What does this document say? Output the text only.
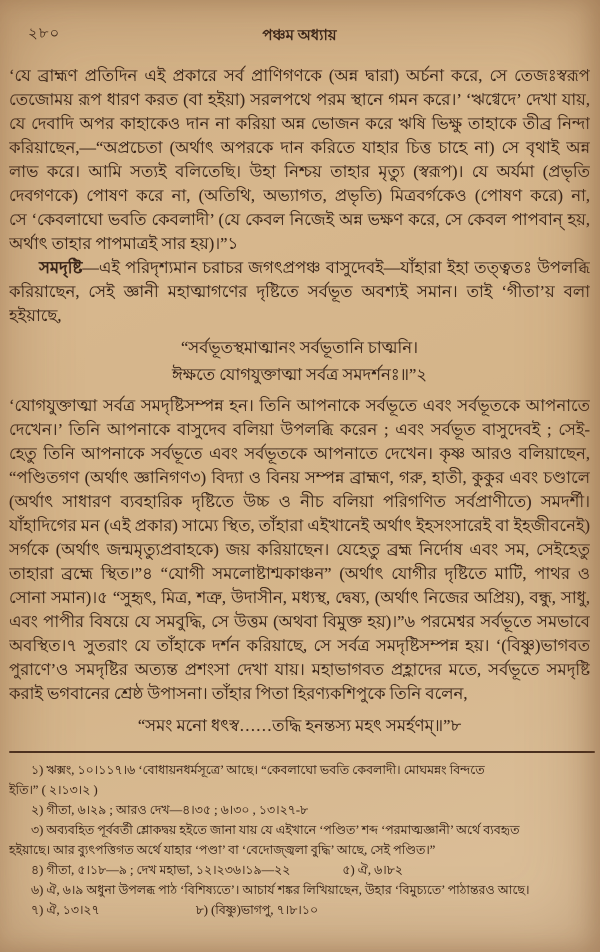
২৮০	পঞ্চম অধ্যায়
‘যে ব্রাহ্মণ প্রতিদিন এই প্রকারে সর্ব প্রাণিগণকে (অন্ন দ্বারা) অর্চনা করে, সে তেজঃস্বরূপ
তেজোময় রূপ ধারণ করত (বা হইয়া) সরলপথে পরম স্থানে গমন করে।’ ‘ঋগ্বেদে’ দেখা যায়,
যে দেবাদি অপর কাহাকেও দান না করিয়া অন্ন ভোজন করে ঋষি ভিক্ষু তাহাকে তীব্র নিন্দা
করিয়াছেন,—“অপ্রচেতা (অর্থাৎ অপরকে দান করিতে যাহার চিত্ত চাহে না) সে বৃথাই অন্ন
লাভ করে। আমি সত্যই বলিতেছি। উহা নিশ্চয় তাহার মৃত্যু (স্বরূপ)। যে অর্যমা (প্রভৃতি
দেবগণকে) পোষণ করে না, (অতিথি, অভ্যাগত, প্রভৃতি) মিত্রবর্গকেও (পোষণ করে) না,
সে ‘কেবলাঘো ভবতি কেবলাদী’ (যে কেবল নিজেই অন্ন ভক্ষণ করে, সে কেবল পাপবান্ হয়,
অর্থাৎ তাহার পাপমাত্রই সার হয়)।”১
সমদৃষ্টি—এই পরিদৃশ্যমান চরাচর জগৎপ্রপঞ্চ বাসুদেবই—যাঁহারা ইহা তত্ত্বতঃ উপলব্ধি
করিয়াছেন, সেই জ্ঞানী মহাত্মাগণের দৃষ্টিতে সর্বভূত অবশ্যই সমান। তাই ‘গীতা’য় বলা
হইয়াছে,
“সর্বভূতস্থমাত্মানং সর্বভূতানি চাত্মনি।
ঈক্ষতে যোগযুক্তাত্মা সর্বত্র সমদর্শনঃ॥”২
‘যোগযুক্তাত্মা সর্বত্র সমদৃষ্টিসম্পন্ন হন। তিনি আপনাকে সর্বভূতে এবং সর্বভূতকে আপনাতে
দেখেন।’ তিনি আপনাকে বাসুদেব বলিয়া উপলব্ধি করেন ; এবং সর্বভূত বাসুদেবই ; সেই-
হেতু তিনি আপনাকে সর্বভূতে এবং সর্বভূতকে আপনাতে দেখেন। কৃষ্ণ আরও বলিয়াছেন,
“পণ্ডিতগণ (অর্থাৎ জ্ঞানিগণ৩) বিদ্যা ও বিনয় সম্পন্ন ব্রাহ্মণ, গরু, হাতী, কুকুর এবং চণ্ডালে
(অর্থাৎ সাধারণ ব্যবহারিক দৃষ্টিতে উচ্চ ও নীচ বলিয়া পরিগণিত সর্বপ্রাণীতে) সমদর্শী।
যাঁহাদিগের মন (এই প্রকার) সাম্যে স্থিত, তাঁহারা এইখানেই অর্থাৎ ইহসংসারেই বা ইহজীবনেই)
সর্গকে (অর্থাৎ জন্মমৃত্যুপ্রবাহকে) জয় করিয়াছেন। যেহেতু ব্রহ্ম নির্দোষ এবং সম, সেইহেতু
তাহারা ব্রহ্মে স্থিত।”৪ “যোগী সমলোষ্টাশ্মকাঞ্চন” (অর্থাৎ যোগীর দৃষ্টিতে মাটি, পাথর ও
সোনা সমান)।৫ “সুহৃৎ, মিত্র, শত্রু, উদাসীন, মধ্যস্থ, দ্বেষ্য, (অর্থাৎ নিজের অপ্রিয়), বন্ধু, সাধু,
এবং পাপীর বিষয়ে যে সমবুদ্ধি, সে উত্তম (অথবা বিমুক্ত হয়)।”৬ পরমেশ্বর সর্বভূতে সমভাবে
অবস্থিত।৭ সুতরাং যে তাঁহাকে দর্শন করিয়াছে, সে সর্বত্র সমদৃষ্টিসম্পন্ন হয়। ‘(বিষ্ণু)ভাগবত
পুরাণে’ও সমদৃষ্টির অত্যন্ত প্রশংসা দেখা যায়। মহাভাগবত প্রহ্লাদের মতে, সর্বভূতে সমদৃষ্টি
করাই ভগবানের শ্রেষ্ঠ উপাসনা। তাঁহার পিতা হিরণ্যকশিপুকে তিনি বলেন,
“সমং মনো ধৎস্ব……তদ্ধি হনন্তস্য মহৎ সমর্হণম্॥”৮
১) ঋক্সং, ১০।১১৭।৬ ‘বোধায়নধর্মসূত্রে’ আছে। “কেবলাঘো ভবতি কেবলাদী। মোঘমন্নং বিন্দতে
ইতি।” ( ২।১৩।২ )
২) গীতা, ৬।২৯ ; আরও দেখ—৪।৩৫ ; ৬।৩০ , ১৩।২৭-৮
৩) অব্যবহিত পূর্ববর্তী শ্লোকদ্বয় হইতে জানা যায় যে এইখানে ‘পণ্ডিত’ শব্দ ‘পরমাত্মজ্ঞানী’ অর্থে ব্যবহৃত
হইয়াছে। আর ব্যুৎপত্তিগত অর্থে যাহার ‘পণ্ডা’ বা ‘বেদোজ্জ্বলা বুদ্ধি’ আছে, সেই পণ্ডিত।”
৪) গীতা, ৫।১৮—৯ ; দেখ মহাভা, ১২।২৩৬।১৯—২২	৫) ঐ, ৬।৮২
৬) ঐ, ৬।৯ অধুনা উপলব্ধ পাঠ ‘বিশিষ্যতে’। আচার্য শঙ্কর লিখিয়াছেন, উহার ‘বিমুচ্যতে’ পাঠান্তরও আছে।
৭) ঐ, ১৩।২৭	৮) (বিষ্ণু)ভাগপু, ৭।৮।১০
